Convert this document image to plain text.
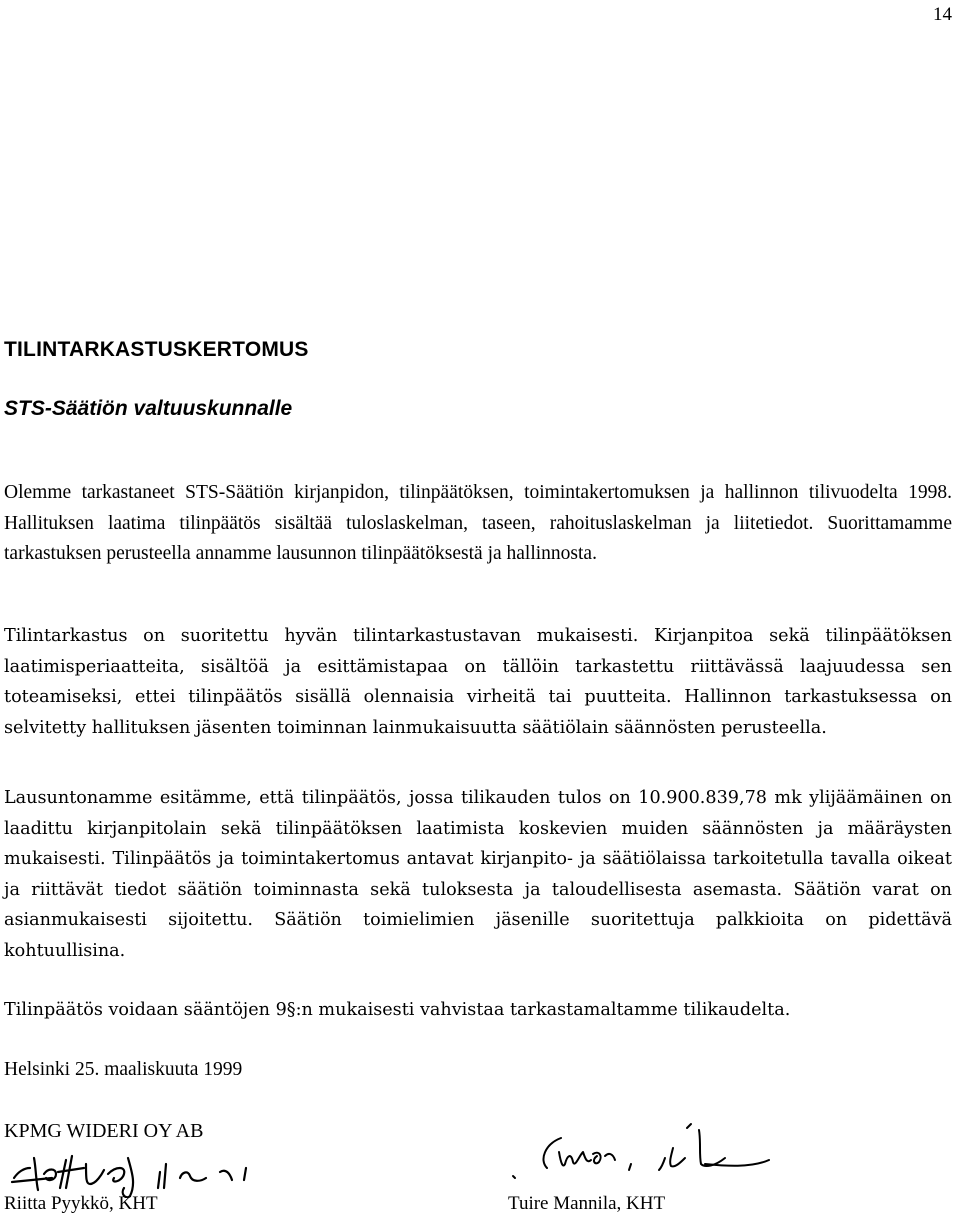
14
TILINTARKASTUSKERTOMUS
STS-Säätiön valtuuskunnalle

Olemme tarkastaneet STS-Säätiön kirjanpidon, tilinpäätöksen, toimintakertomuksen ja hallinnon tilivuodelta 1998. Hallituksen laatima tilinpäätös sisältää tuloslaskelman, taseen, rahoituslaskelman ja liitetiedot. Suorittamamme tarkastuksen perusteella annamme lausunnon tilinpäätöksestä ja hallinnosta.

Tilintarkastus on suoritettu hyvän tilintarkastustavan mukaisesti. Kirjanpitoa sekä tilinpäätöksen laatimisperiaatteita, sisältöä ja esittämistapaa on tällöin tarkastettu riittävässä laajuudessa sen toteamiseksi, ettei tilinpäätös sisällä olennaisia virheitä tai puutteita. Hallinnon tarkastuksessa on selvitetty hallituksen jäsenten toiminnan lainmukaisuutta säätiölain säännösten perusteella.

Lausuntonamme esitämme, että tilinpäätös, jossa tilikauden tulos on 10.900.839,78 mk ylijäämäinen on laadittu kirjanpitolain sekä tilinpäätöksen laatimista koskevien muiden säännösten ja määräysten mukaisesti. Tilinpäätös ja toimintakertomus antavat kirjanpito- ja säätiölaissa tarkoitetulla tavalla oikeat ja riittävät tiedot säätiön toiminnasta sekä tuloksesta ja taloudellisesta asemasta. Säätiön varat on asianmukaisesti sijoitettu. Säätiön toimielimien jäsenille suoritettuja palkkioita on pidettävä kohtuullisina.

Tilinpäätös voidaan sääntöjen 9§:n mukaisesti vahvistaa tarkastamaltamme tilikaudelta.

Helsinki 25. maaliskuuta 1999

KPMG WIDERI OY AB

Riitta Pyykkö, KHT	Tuire Mannila, KHT
